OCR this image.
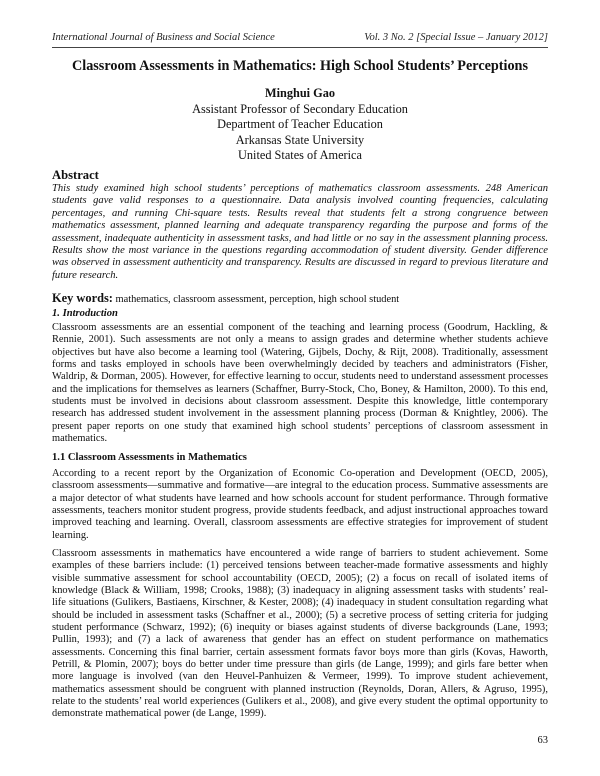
International Journal of Business and Social Science	Vol. 3 No. 2 [Special Issue – January 2012]
Classroom Assessments in Mathematics: High School Students’ Perceptions
Minghui Gao
Assistant Professor of Secondary Education
Department of Teacher Education
Arkansas State University
United States of America
Abstract

This study examined high school students’ perceptions of mathematics classroom assessments. 248 American students gave valid responses to a questionnaire. Data analysis involved counting frequencies, calculating percentages, and running Chi-square tests. Results reveal that students felt a strong congruence between mathematics assessment, planned learning and adequate transparency regarding the purpose and forms of the assessment, inadequate authenticity in assessment tasks, and had little or no say in the assessment planning process. Results show the most variance in the questions regarding accommodation of student diversity. Gender difference was observed in assessment authenticity and transparency. Results are discussed in regard to previous literature and future research.

Key words: mathematics, classroom assessment, perception, high school student
1. Introduction

Classroom assessments are an essential component of the teaching and learning process (Goodrum, Hackling, & Rennie, 2001). Such assessments are not only a means to assign grades and determine whether students achieve objectives but have also become a learning tool (Watering, Gijbels, Dochy, & Rijt, 2008). Traditionally, assessment forms and tasks employed in schools have been overwhelmingly decided by teachers and administrators (Fisher, Waldrip, & Dorman, 2005). However, for effective learning to occur, students need to understand assessment processes and the implications for themselves as learners (Schaffner, Burry-Stock, Cho, Boney, & Hamilton, 2000). To this end, students must be involved in decisions about classroom assessment. Despite this knowledge, little contemporary research has addressed student involvement in the assessment planning process (Dorman & Knightley, 2006). The present paper reports on one study that examined high school students’ perceptions of classroom assessment in mathematics.

1.1 Classroom Assessments in Mathematics

According to a recent report by the Organization of Economic Co-operation and Development (OECD, 2005), classroom assessments—summative and formative—are integral to the education process. Summative assessments are a major detector of what students have learned and how schools account for student performance. Through formative assessments, teachers monitor student progress, provide students feedback, and adjust instructional approaches toward improved teaching and learning. Overall, classroom assessments are effective strategies for improvement of student learning.

Classroom assessments in mathematics have encountered a wide range of barriers to student achievement. Some examples of these barriers include: (1) perceived tensions between teacher-made formative assessments and highly visible summative assessment for school accountability (OECD, 2005); (2) a focus on recall of isolated items of knowledge (Black & William, 1998; Crooks, 1988); (3) inadequacy in aligning assessment tasks with students’ real-life situations (Gulikers, Bastiaens, Kirschner, & Kester, 2008); (4) inadequacy in student consultation regarding what should be included in assessment tasks (Schaffner et al., 2000); (5) a secretive process of setting criteria for judging student performance (Schwarz, 1992); (6) inequity or biases against students of diverse backgrounds (Lane, 1993; Pullin, 1993); and (7) a lack of awareness that gender has an effect on student performance on mathematics assessments. Concerning this final barrier, certain assessment formats favor boys more than girls (Kovas, Haworth, Petrill, & Plomin, 2007); boys do better under time pressure than girls (de Lange, 1999); and girls fare better when more language is involved (van den Heuvel-Panhuizen & Vermeer, 1999). To improve student achievement, mathematics assessment should be congruent with planned instruction (Reynolds, Doran, Allers, & Agruso, 1995), relate to the students’ real world experiences (Gulikers et al., 2008), and give every student the optimal opportunity to demonstrate mathematical power (de Lange, 1999).

63
